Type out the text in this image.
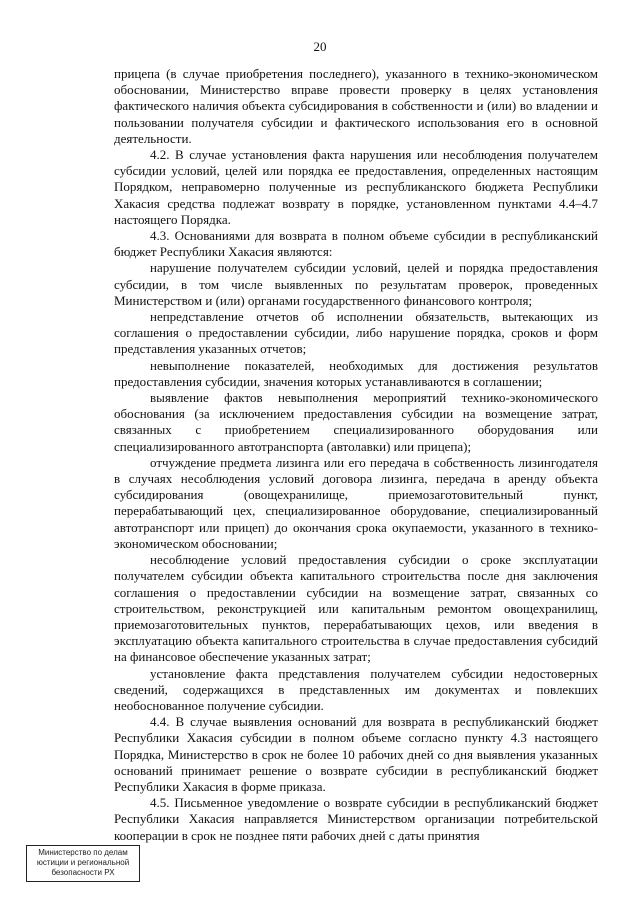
20

прицепа (в случае приобретения последнего), указанного в технико-экономическом обосновании, Министерство вправе провести проверку в целях установления фактического наличия объекта субсидирования в собственности и (или) во владении и пользовании получателя субсидии и фактического использования его в основной деятельности.

4.2. В случае установления факта нарушения или несоблюдения получателем субсидии условий, целей или порядка ее предоставления, определенных настоящим Порядком, неправомерно полученные из республиканского бюджета Республики Хакасия средства подлежат возврату в порядке, установленном пунктами 4.4–4.7 настоящего Порядка.

4.3. Основаниями для возврата в полном объеме субсидии в республиканский бюджет Республики Хакасия являются:

нарушение получателем субсидии условий, целей и порядка предоставления субсидии, в том числе выявленных по результатам проверок, проведенных Министерством и (или) органами государственного финансового контроля;

непредставление отчетов об исполнении обязательств, вытекающих из соглашения о предоставлении субсидии, либо нарушение порядка, сроков и форм представления указанных отчетов;

невыполнение показателей, необходимых для достижения результатов предоставления субсидии, значения которых устанавливаются в соглашении;

выявление фактов невыполнения мероприятий технико-экономического обоснования (за исключением предоставления субсидии на возмещение затрат, связанных с приобретением специализированного оборудования или специализированного автотранспорта (автолавки) или прицепа);

отчуждение предмета лизинга или его передача в собственность лизингодателя в случаях несоблюдения условий договора лизинга, передача в аренду объекта субсидирования (овощехранилище, приемозаготовительный пункт, перерабатывающий цех, специализированное оборудование, специализированный автотранспорт или прицеп) до окончания срока окупаемости, указанного в технико-экономическом обосновании;

несоблюдение условий предоставления субсидии о сроке эксплуатации получателем субсидии объекта капитального строительства после дня заключения соглашения о предоставлении субсидии на возмещение затрат, связанных со строительством, реконструкцией или капитальным ремонтом овощехранилищ, приемозаготовительных пунктов, перерабатывающих цехов, или введения в эксплуатацию объекта капитального строительства в случае предоставления субсидий на финансовое обеспечение указанных затрат;

установление факта представления получателем субсидии недостоверных сведений, содержащихся в представленных им документах и повлекших необоснованное получение субсидии.

4.4. В случае выявления оснований для возврата в республиканский бюджет Республики Хакасия субсидии в полном объеме согласно пункту 4.3 настоящего Порядка, Министерство в срок не более 10 рабочих дней со дня выявления указанных оснований принимает решение о возврате субсидии в республиканский бюджет Республики Хакасия в форме приказа.

4.5. Письменное уведомление о возврате субсидии в республиканский бюджет Республики Хакасия направляется Министерством организации потребительской кооперации в срок не позднее пяти рабочих дней с даты принятия

Министерство по делам
юстиции и региональной
безопасности РХ
